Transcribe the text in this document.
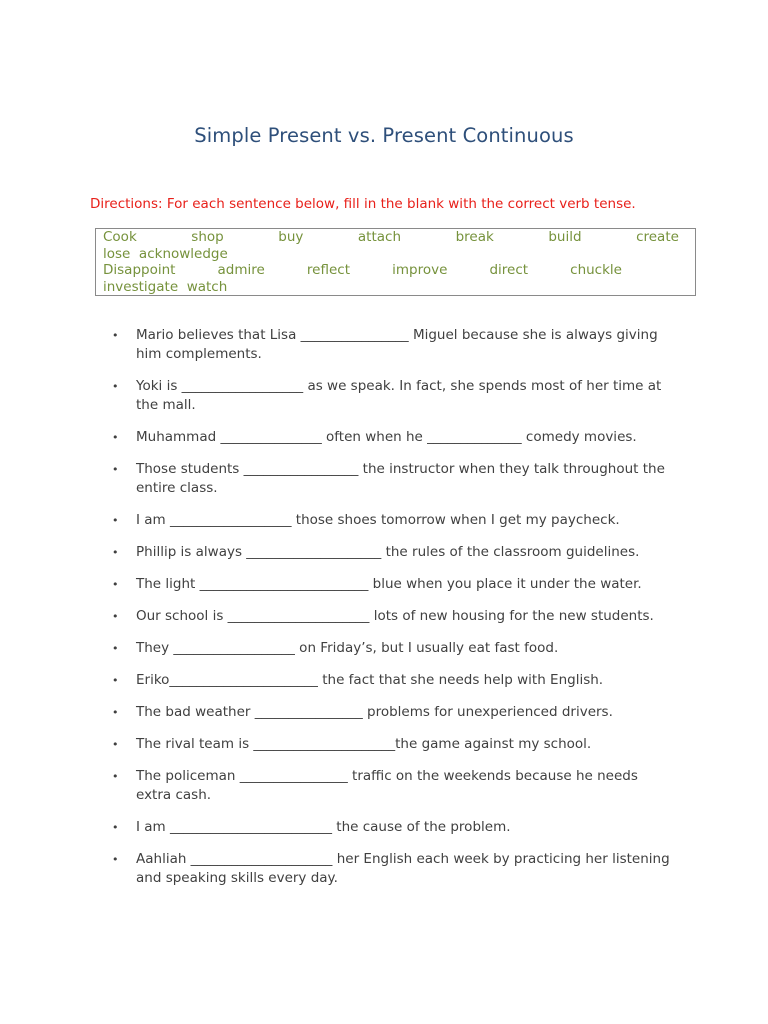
Simple Present vs. Present Continuous
Directions: For each sentence below, fill in the blank with the correct verb tense.
Cook	shop	buy	attach	break	build	create
lose  acknowledge
Disappoint	admire	reflect	improve	direct	chuckle
investigate  watch
• Mario believes that Lisa ________________ Miguel because she is always giving him complements.
• Yoki is __________________ as we speak. In fact, she spends most of her time at the mall.
• Muhammad _______________ often when he ______________ comedy movies.
• Those students _________________ the instructor when they talk throughout the entire class.
• I am __________________ those shoes tomorrow when I get my paycheck.
• Phillip is always ____________________ the rules of the classroom guidelines.
• The light _________________________ blue when you place it under the water.
• Our school is _____________________ lots of new housing for the new students.
• They __________________ on Friday’s, but I usually eat fast food.
• Eriko______________________ the fact that she needs help with English.
• The bad weather ________________ problems for unexperienced drivers.
• The rival team is _____________________the game against my school.
• The policeman ________________ traffic on the weekends because he needs extra cash.
• I am ________________________ the cause of the problem.
• Aahliah _____________________ her English each week by practicing her listening and speaking skills every day.
